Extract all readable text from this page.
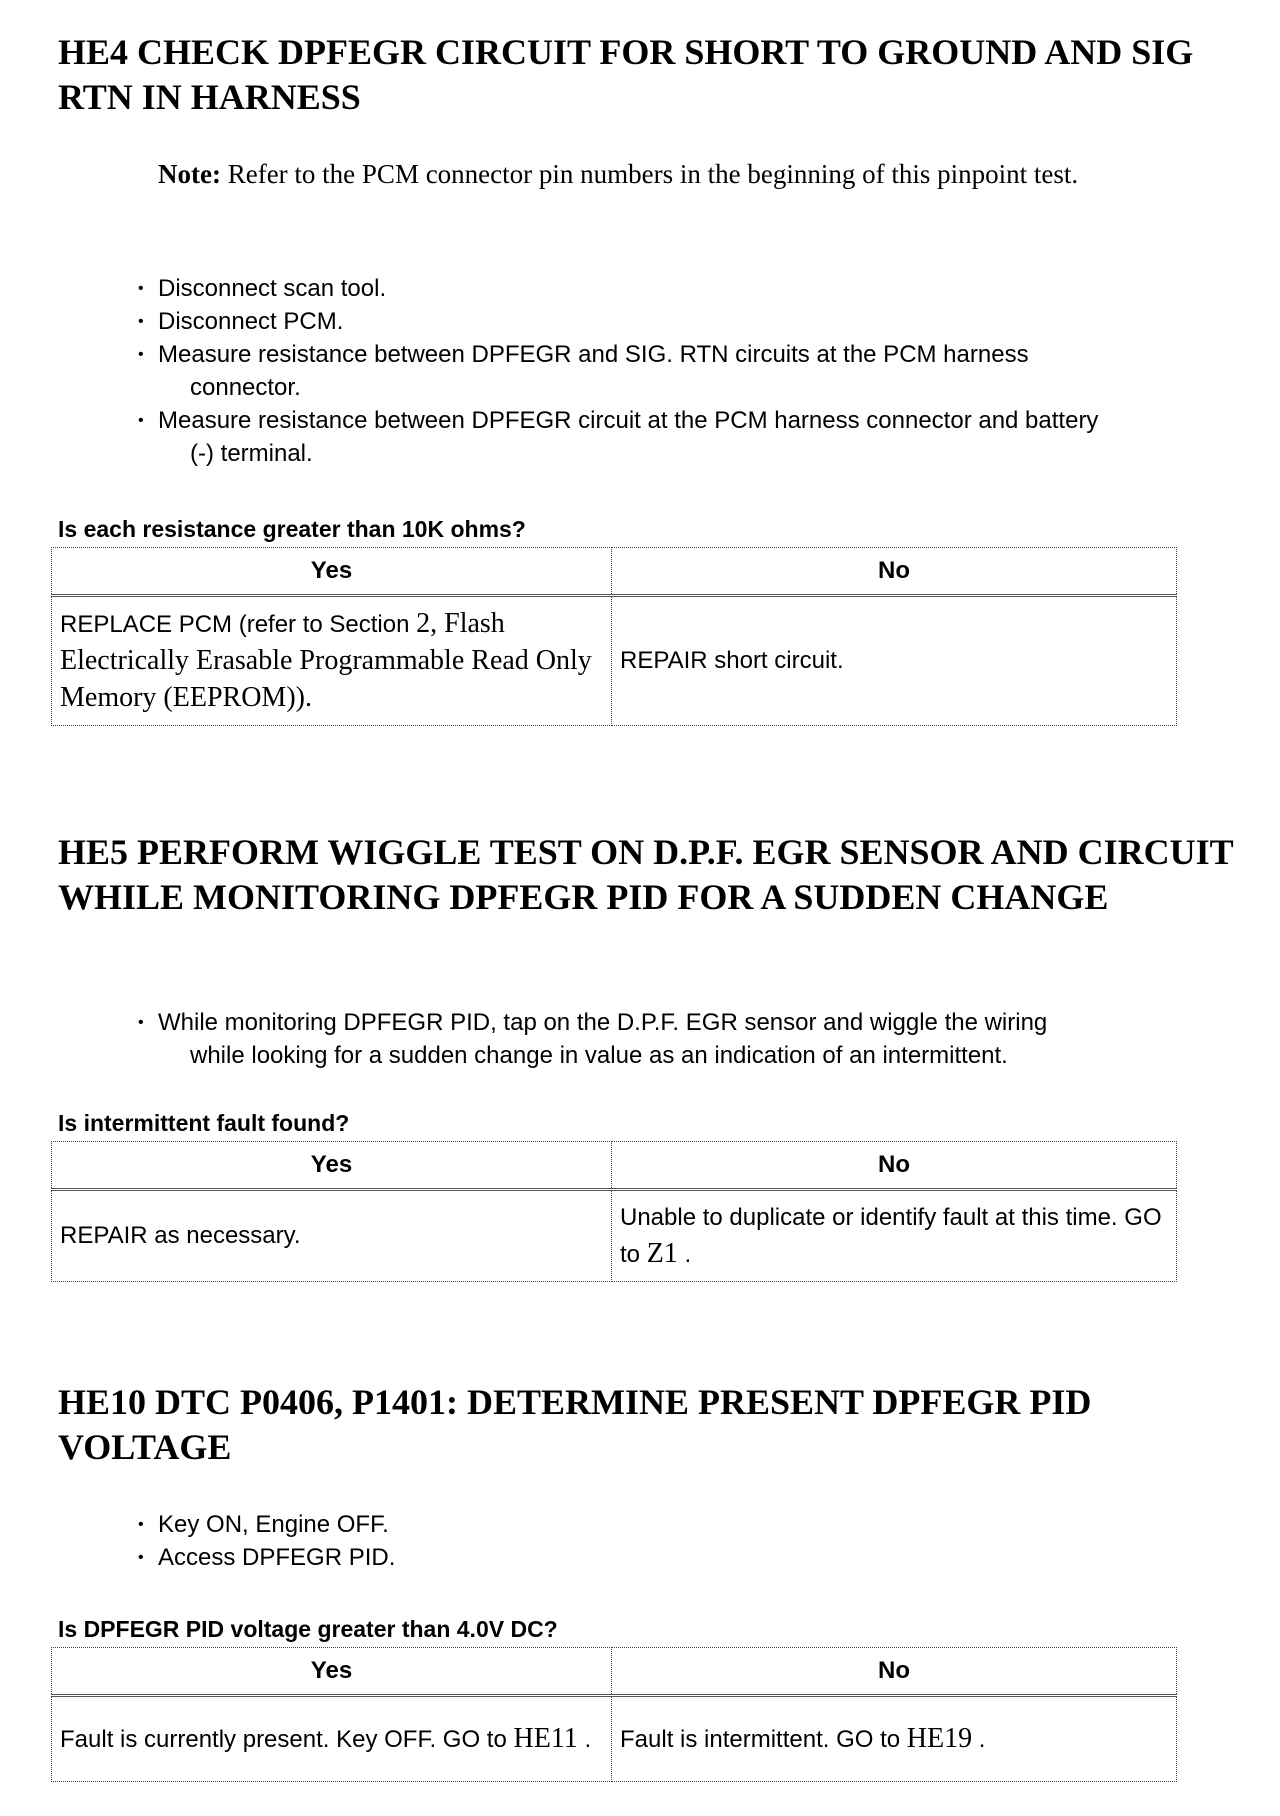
HE4 CHECK DPFEGR CIRCUIT FOR SHORT TO GROUND AND SIG RTN IN HARNESS
Note: Refer to the PCM connector pin numbers in the beginning of this pinpoint test.
• Disconnect scan tool.
• Disconnect PCM.
• Measure resistance between DPFEGR and SIG. RTN circuits at the PCM harness
connector.
• Measure resistance between DPFEGR circuit at the PCM harness connector and battery
(-) terminal.

Is each resistance greater than 10K ohms?

Yes	No
REPLACE PCM (refer to Section 2, Flash Electrically Erasable Programmable Read Only Memory (EEPROM)).	REPAIR short circuit.
HE5 PERFORM WIGGLE TEST ON D.P.F. EGR SENSOR AND CIRCUIT WHILE MONITORING DPFEGR PID FOR A SUDDEN CHANGE
• While monitoring DPFEGR PID, tap on the D.P.F. EGR sensor and wiggle the wiring
while looking for a sudden change in value as an indication of an intermittent.

Is intermittent fault found?

Yes	No
REPAIR as necessary.	Unable to duplicate or identify fault at this time. GO to Z1 .
HE10 DTC P0406, P1401: DETERMINE PRESENT DPFEGR PID VOLTAGE
• Key ON, Engine OFF.
• Access DPFEGR PID.

Is DPFEGR PID voltage greater than 4.0V DC?

Yes	No
Fault is currently present. Key OFF. GO to HE11 .	Fault is intermittent. GO to HE19 .
